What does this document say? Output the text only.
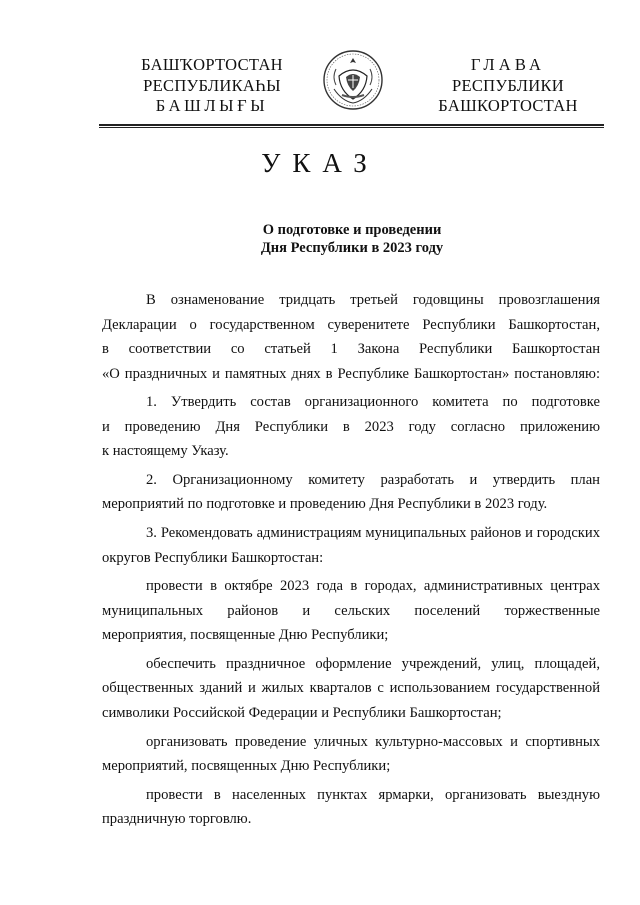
БАШҠОРТОСТАН
РЕСПУБЛИКАҺЫ
БАШЛЫҒЫ
ГЛАВА
РЕСПУБЛИКИ
БАШКОРТОСТАН
УКАЗ
О подготовке и проведении
Дня Республики в 2023 году
В ознаменование тридцать третьей годовщины провозглашения
Декларации о государственном суверенитете Республики Башкортостан,
в соответствии со статьей 1 Закона Республики Башкортостан
«О праздничных и памятных днях в Республике Башкортостан» постановляю:
1. Утвердить состав организационного комитета по подготовке
и проведению Дня Республики в 2023 году согласно приложению
к настоящему Указу.
2. Организационному комитету разработать и утвердить план
мероприятий по подготовке и проведению Дня Республики в 2023 году.
3. Рекомендовать администрациям муниципальных районов и городских
округов Республики Башкортостан:
провести в октябре 2023 года в городах, административных центрах
муниципальных районов и сельских поселений торжественные
мероприятия, посвященные Дню Республики;
обеспечить праздничное оформление учреждений, улиц, площадей,
общественных зданий и жилых кварталов с использованием государственной
символики Российской Федерации и Республики Башкортостан;
организовать проведение уличных культурно-массовых и спортивных
мероприятий, посвященных Дню Республики;
провести в населенных пунктах ярмарки, организовать выездную
праздничную торговлю.
